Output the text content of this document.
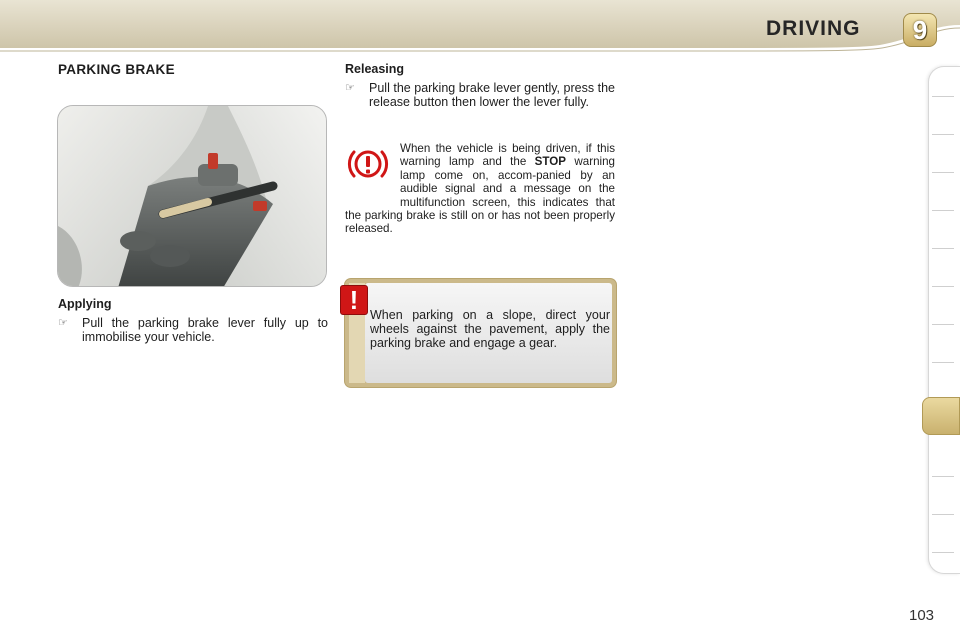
DRIVING	9
PARKING BRAKE
Applying
☞ Pull the parking brake lever fully up to immobilise your vehicle.
Releasing
☞ Pull the parking brake lever gently, press the release button then lower the lever fully.
When the vehicle is being driven, if this warning lamp and the STOP warning lamp come on, accom-panied by an audible signal and a message on the multifunction screen, this indicates that the parking brake is still on or has not been properly released.
!
When parking on a slope, direct your wheels against the pavement, apply the parking brake and engage a gear.
103
